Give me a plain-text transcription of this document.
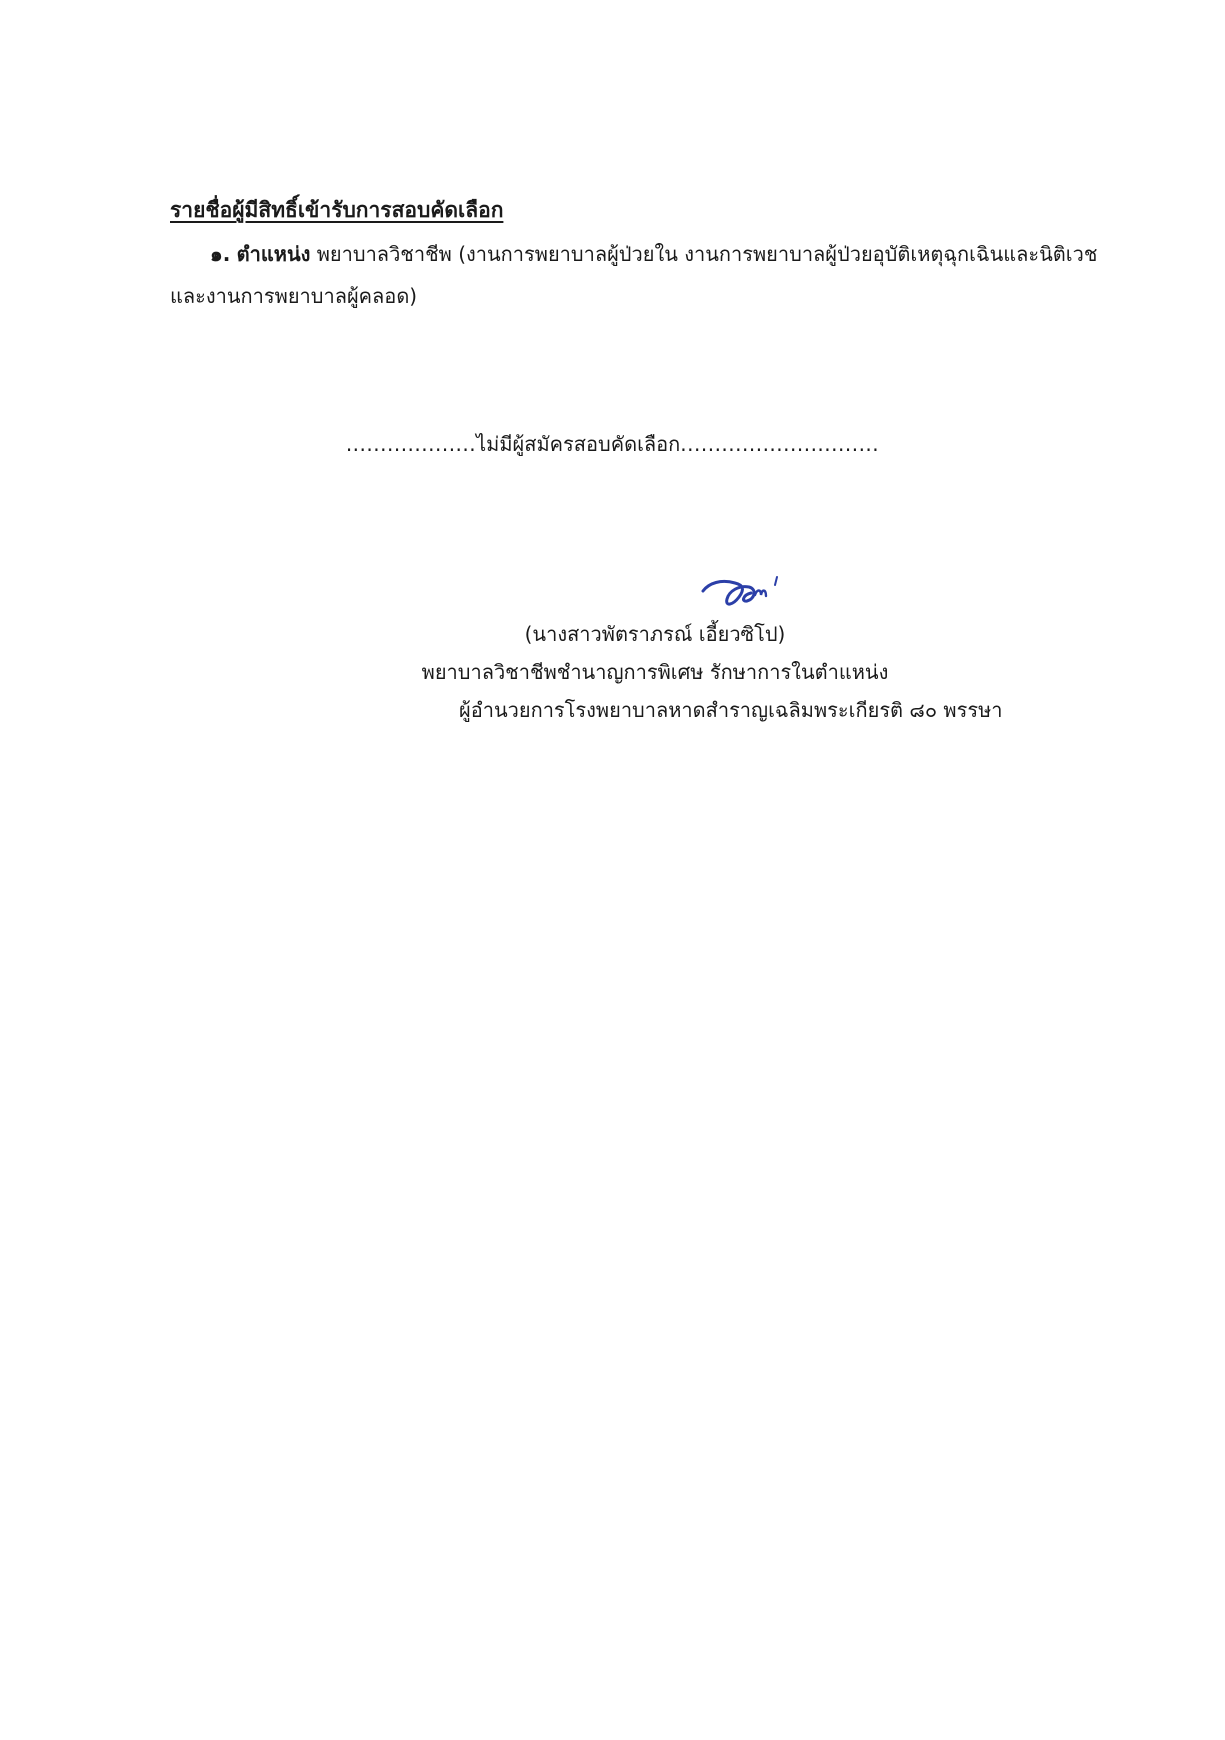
รายชื่อผู้มีสิทธิ์เข้ารับการสอบคัดเลือก
๑. ตำแหน่ง พยาบาลวิชาชีพ (งานการพยาบาลผู้ป่วยใน งานการพยาบาลผู้ป่วยอุบัติเหตุฉุกเฉินและนิติเวช
และงานการพยาบาลผู้คลอด)
...................ไม่มีผู้สมัครสอบคัดเลือก.............................
(นางสาวพัตราภรณ์ เอี้ยวซิโป)
พยาบาลวิชาชีพชำนาญการพิเศษ รักษาการในตำแหน่ง
ผู้อำนวยการโรงพยาบาลหาดสำราญเฉลิมพระเกียรติ ๘๐ พรรษา
